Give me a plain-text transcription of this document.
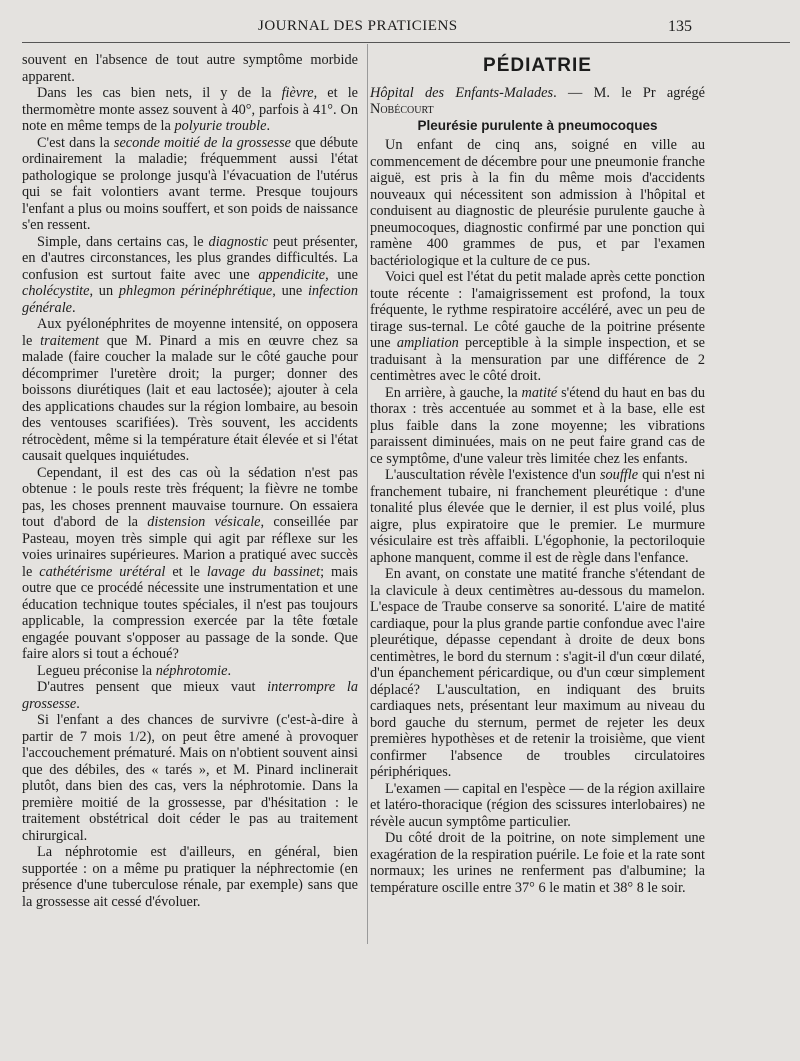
JOURNAL DES PRATICIENS	135

souvent en l'absence de tout autre symptôme morbide apparent.

Dans les cas bien nets, il y de la fièvre, et le thermomètre monte assez souvent à 40°, parfois à 41°. On note en même temps de la polyurie trouble.

C'est dans la seconde moitié de la grossesse que débute ordinairement la maladie; fréquemment aussi l'état pathologique se prolonge jusqu'à l'évacuation de l'utérus qui se fait volontiers avant terme. Presque toujours l'enfant a plus ou moins souffert, et son poids de naissance s'en ressent.

Simple, dans certains cas, le diagnostic peut présenter, en d'autres circonstances, les plus grandes difficultés. La confusion est surtout faite avec une appendicite, une cholécystite, un phlegmon périnéphrétique, une infection générale.

Aux pyélonéphrites de moyenne intensité, on opposera le traitement que M. Pinard a mis en œuvre chez sa malade (faire coucher la malade sur le côté gauche pour décomprimer l'uretère droit; la purger; donner des boissons diurétiques (lait et eau lactosée); ajouter à cela des applications chaudes sur la région lombaire, au besoin des ventouses scarifiées). Très souvent, les accidents rétrocèdent, même si la température était élevée et si l'état causait quelques inquiétudes.

Cependant, il est des cas où la sédation n'est pas obtenue : le pouls reste très fréquent; la fièvre ne tombe pas, les choses prennent mauvaise tournure. On essaiera tout d'abord de la distension vésicale, conseillée par Pasteau, moyen très simple qui agit par réflexe sur les voies urinaires supérieures. Marion a pratiqué avec succès le cathétérisme urétéral et le lavage du bassinet; mais outre que ce procédé nécessite une instrumentation et une éducation technique toutes spéciales, il n'est pas toujours applicable, la compression exercée par la tête fœtale engagée pouvant s'opposer au passage de la sonde. Que faire alors si tout a échoué?

Legueu préconise la néphrotomie.

D'autres pensent que mieux vaut interrompre la grossesse.

Si l'enfant a des chances de survivre (c'est-à-dire à partir de 7 mois 1/2), on peut être amené à provoquer l'accouchement prématuré. Mais on n'obtient souvent ainsi que des débiles, des « tarés », et M. Pinard inclinerait plutôt, dans bien des cas, vers la néphrotomie. Dans la première moitié de la grossesse, par d'hésitation : le traitement obstétrical doit céder le pas au traitement chirurgical.

La néphrotomie est d'ailleurs, en général, bien supportée : on a même pu pratiquer la néphrectomie (en présence d'une tuberculose rénale, par exemple) sans que la grossesse ait cessé d'évoluer.

PÉDIATRIE

Hôpital des Enfants-Malades. — M. le Pr agrégé Nobécourt

Pleurésie purulente à pneumocoques

Un enfant de cinq ans, soigné en ville au commencement de décembre pour une pneumonie franche aiguë, est pris à la fin du même mois d'accidents nouveaux qui nécessitent son admission à l'hôpital et conduisent au diagnostic de pleurésie purulente gauche à pneumocoques, diagnostic confirmé par une ponction qui ramène 400 grammes de pus, et par l'examen bactériologique et la culture de ce pus.

Voici quel est l'état du petit malade après cette ponction toute récente : l'amaigrissement est profond, la toux fréquente, le rythme respiratoire accéléré, avec un peu de tirage sus-ternal. Le côté gauche de la poitrine présente une ampliation perceptible à la simple inspection, et se traduisant à la mensuration par une différence de 2 centimètres avec le côté droit.

En arrière, à gauche, la matité s'étend du haut en bas du thorax : très accentuée au sommet et à la base, elle est plus faible dans la zone moyenne; les vibrations paraissent diminuées, mais on ne peut faire grand cas de ce symptôme, d'une valeur très limitée chez les enfants.

L'auscultation révèle l'existence d'un souffle qui n'est ni franchement tubaire, ni franchement pleurétique : d'une tonalité plus élevée que le dernier, il est plus voilé, plus aigre, plus expiratoire que le premier. Le murmure vésiculaire est très affaibli. L'égophonie, la pectoriloquie aphone manquent, comme il est de règle dans l'enfance.

En avant, on constate une matité franche s'étendant de la clavicule à deux centimètres au-dessous du mamelon. L'espace de Traube conserve sa sonorité. L'aire de matité cardiaque, pour la plus grande partie confondue avec l'aire pleurétique, dépasse cependant à droite de deux bons centimètres, le bord du sternum : s'agit-il d'un cœur dilaté, d'un épanchement péricardique, ou d'un cœur simplement déplacé? L'auscultation, en indiquant des bruits cardiaques nets, présentant leur maximum au niveau du bord gauche du sternum, permet de rejeter les deux premières hypothèses et de retenir la troisième, que vient confirmer l'absence de troubles circulatoires périphériques.

L'examen — capital en l'espèce — de la région axillaire et latéro-thoracique (région des scissures interlobaires) ne révèle aucun symptôme particulier.

Du côté droit de la poitrine, on note simplement une exagération de la respiration puérile. Le foie et la rate sont normaux; les urines ne renferment pas d'albumine; la température oscille entre 37° 6 le matin et 38° 8 le soir.
